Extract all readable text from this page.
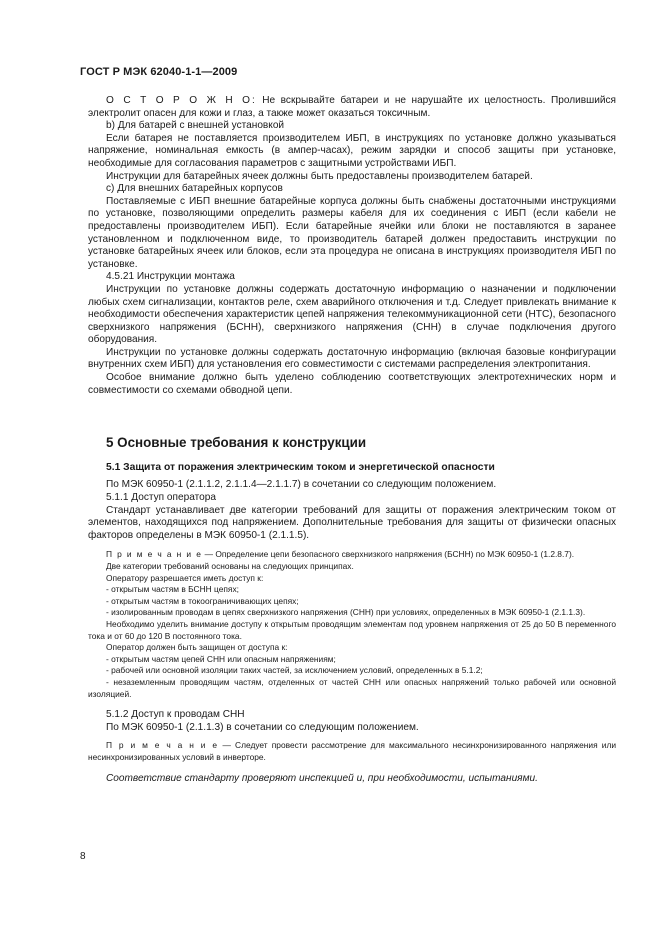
ГОСТ Р МЭК 62040-1-1—2009

О С Т О Р О Ж Н О: Не вскрывайте батареи и не нарушайте их целостность. Пролившийся электролит опасен для кожи и глаз, а также может оказаться токсичным.

b) Для батарей с внешней установкой

Если батарея не поставляется производителем ИБП, в инструкциях по установке должно указываться напряжение, номинальная емкость (в ампер-часах), режим зарядки и способ защиты при установке, необходимые для согласования параметров с защитными устройствами ИБП.

Инструкции для батарейных ячеек должны быть предоставлены производителем батарей.

c) Для внешних батарейных корпусов

Поставляемые с ИБП внешние батарейные корпуса должны быть снабжены достаточными инструкциями по установке, позволяющими определить размеры кабеля для их соединения с ИБП (если кабели не предоставлены производителем ИБП). Если батарейные ячейки или блоки не поставляются в заранее установленном и подключенном виде, то производитель батарей должен предоставить инструкции по установке батарейных ячеек или блоков, если эта процедура не описана в инструкциях производителя ИБП по установке.

4.5.21 Инструкции монтажа

Инструкции по установке должны содержать достаточную информацию о назначении и подключении любых схем сигнализации, контактов реле, схем аварийного отключения и т.д. Следует привлекать внимание к необходимости обеспечения характеристик цепей напряжения телекоммуникационной сети (НТС), безопасного сверхнизкого напряжения (БСНН), сверхнизкого напряжения (СНН) в случае подключения другого оборудования.

Инструкции по установке должны содержать достаточную информацию (включая базовые конфигурации внутренних схем ИБП) для установления его совместимости с системами распределения электропитания.

Особое внимание должно быть уделено соблюдению соответствующих электротехнических норм и совместимости со схемами обводной цепи.

5 Основные требования к конструкции
5.1 Защита от поражения электрическим током и энергетической опасности

По МЭК 60950-1 (2.1.1.2, 2.1.1.4—2.1.1.7) в сочетании со следующим положением.

5.1.1 Доступ оператора

Стандарт устанавливает две категории требований для защиты от поражения электрическим током от элементов, находящихся под напряжением. Дополнительные требования для защиты от физически опасных факторов определены в МЭК 60950-1 (2.1.1.5).

П р и м е ч а н и е — Определение цепи безопасного сверхнизкого напряжения (БСНН) по МЭК 60950-1 (1.2.8.7).

Две категории требований основаны на следующих принципах.

Оператору разрешается иметь доступ к:

- открытым частям в БСНН цепях;

- открытым частям в токоограничивающих цепях;

- изолированным проводам в цепях сверхнизкого напряжения (СНН) при условиях, определенных в МЭК 60950-1 (2.1.1.3).

Необходимо уделить внимание доступу к открытым проводящим элементам под уровнем напряжения от 25 до 50 В переменного тока и от 60 до 120 В постоянного тока.

Оператор должен быть защищен от доступа к:

- открытым частям цепей СНН или опасным напряжениям;

- рабочей или основной изоляции таких частей, за исключением условий, определенных в 5.1.2;

- незаземленным проводящим частям, отделенных от частей СНН или опасных напряжений только рабочей или основной изоляцией.

5.1.2 Доступ к проводам СНН

По МЭК 60950-1 (2.1.1.3) в сочетании со следующим положением.

П р и м е ч а н и е — Следует провести рассмотрение для максимального несинхронизированного напряжения или несинхронизированных условий в инверторе.

Соответствие стандарту проверяют инспекцией и, при необходимости, испытаниями.

8
